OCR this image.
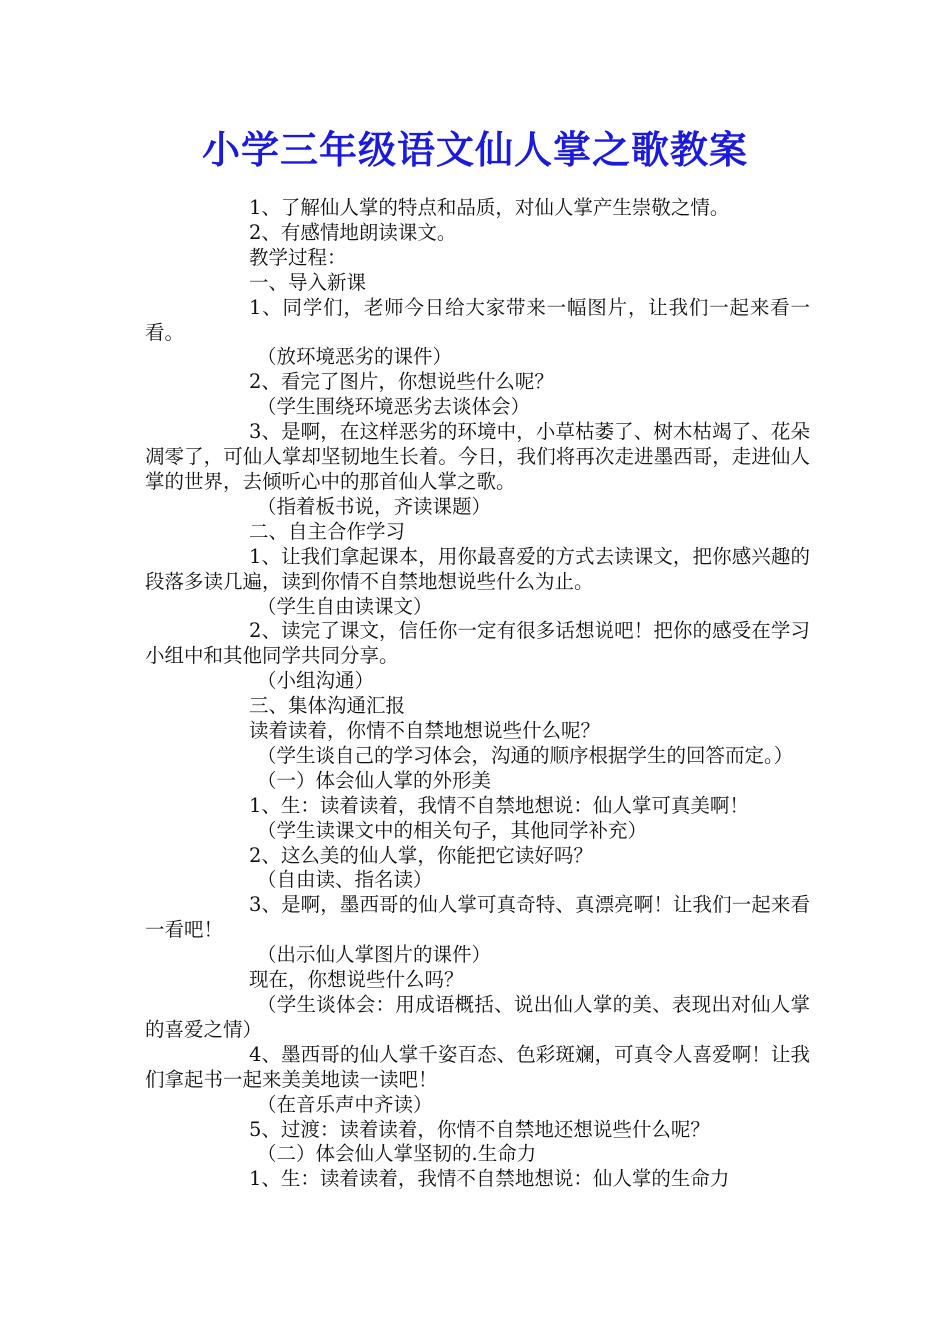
小学三年级语文仙人掌之歌教案

1、了解仙人掌的特点和品质，对仙人掌产生崇敬之情。

2、有感情地朗读课文。

教学过程：

一、导入新课

1、同学们，老师今日给大家带来一幅图片，让我们一起来看一看。

（放环境恶劣的课件）

2、看完了图片，你想说些什么呢？

（学生围绕环境恶劣去谈体会）

3、是啊，在这样恶劣的环境中，小草枯萎了、树木枯竭了、花朵凋零了，可仙人掌却坚韧地生长着。今日，我们将再次走进墨西哥，走进仙人掌的世界，去倾听心中的那首仙人掌之歌。

（指着板书说，齐读课题）

二、自主合作学习

1、让我们拿起课本，用你最喜爱的方式去读课文，把你感兴趣的段落多读几遍，读到你情不自禁地想说些什么为止。

（学生自由读课文）

2、读完了课文，信任你一定有很多话想说吧！把你的感受在学习小组中和其他同学共同分享。

（小组沟通）

三、集体沟通汇报

读着读着，你情不自禁地想说些什么呢？

（学生谈自己的学习体会，沟通的顺序根据学生的回答而定。）

（一）体会仙人掌的外形美

1、生：读着读着，我情不自禁地想说：仙人掌可真美啊！

（学生读课文中的相关句子，其他同学补充）

2、这么美的仙人掌，你能把它读好吗？

（自由读、指名读）

3、是啊，墨西哥的仙人掌可真奇特、真漂亮啊！让我们一起来看一看吧！

（出示仙人掌图片的课件）

现在，你想说些什么吗？

（学生谈体会：用成语概括、说出仙人掌的美、表现出对仙人掌的喜爱之情）

4、墨西哥的仙人掌千姿百态、色彩斑斓，可真令人喜爱啊！让我们拿起书一起来美美地读一读吧！

（在音乐声中齐读）

5、过渡：读着读着，你情不自禁地还想说些什么呢？

（二）体会仙人掌坚韧的.生命力

1、生：读着读着，我情不自禁地想说：仙人掌的生命力
